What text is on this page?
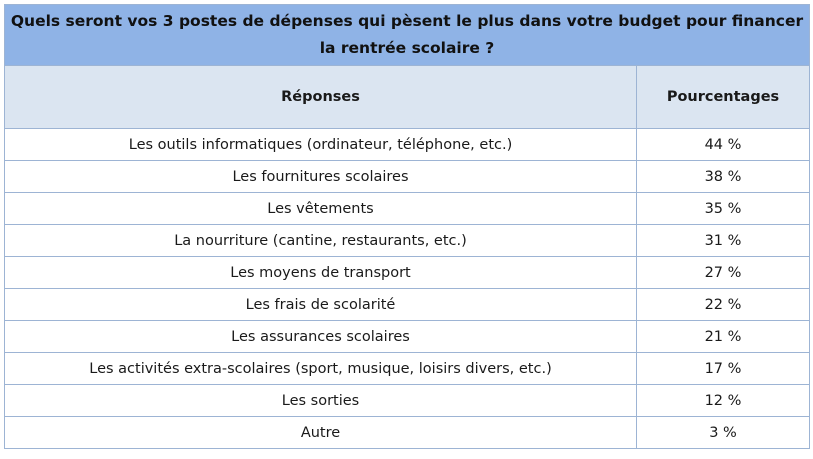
Quels seront vos 3 postes de dépenses qui pèsent le plus dans votre budget pour financer la rentrée scolaire ?	
Réponses	Pourcentages
Les outils informatiques (ordinateur, téléphone, etc.)	44 %
Les fournitures scolaires	38 %
Les vêtements	35 %
La nourriture (cantine, restaurants, etc.)	31 %
Les moyens de transport	27 %
Les frais de scolarité	22 %
Les assurances scolaires	21 %
Les activités extra-scolaires (sport, musique, loisirs divers, etc.)	17 %
Les sorties	12 %
Autre	3 %
